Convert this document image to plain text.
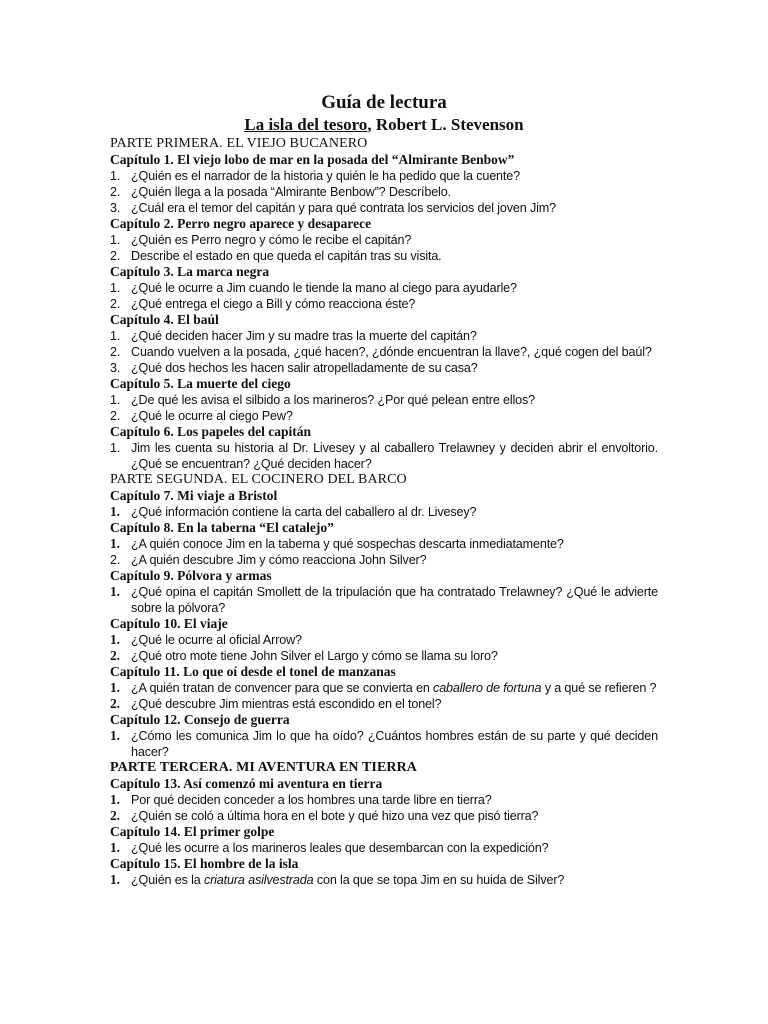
Guía de lectura
La isla del tesoro, Robert L. Stevenson
PARTE PRIMERA. EL VIEJO BUCANERO
Capítulo 1. El viejo lobo de mar en la posada del “Almirante Benbow”
1. ¿Quién es el narrador de la historia y quién le ha pedido que la cuente?
2. ¿Quién llega a la posada “Almirante Benbow”? Descríbelo.
3. ¿Cuál era el temor del capitán y para qué contrata los servicios del joven Jim?
Capítulo 2. Perro negro aparece y desaparece
1. ¿Quién es Perro negro y cómo le recibe el capitán?
2. Describe el estado en que queda el capitán tras su visita.
Capítulo 3. La marca negra
1. ¿Qué le ocurre a Jim cuando le tiende la mano al ciego para ayudarle?
2. ¿Qué entrega el ciego a Bill y cómo reacciona éste?
Capítulo 4. El baúl
1. ¿Qué deciden hacer Jim y su madre tras la muerte del capitán?
2. Cuando vuelven a la posada, ¿qué hacen?, ¿dónde encuentran la llave?, ¿qué cogen del baúl?
3. ¿Qué dos hechos les hacen salir atropelladamente de su casa?
Capítulo 5. La muerte del ciego
1. ¿De qué les avisa el silbido a los marineros? ¿Por qué pelean entre ellos?
2. ¿Qué le ocurre al ciego Pew?
Capítulo 6. Los papeles del capitán
1. Jim les cuenta su historia al Dr. Livesey y al caballero Trelawney y deciden abrir el envoltorio. ¿Qué se encuentran? ¿Qué deciden hacer?
PARTE SEGUNDA. EL COCINERO DEL BARCO
Capítulo 7. Mi viaje a Bristol
1. ¿Qué información contiene la carta del caballero al dr. Livesey?
Capítulo 8. En la taberna “El catalejo”
1. ¿A quién conoce Jim en la taberna y qué sospechas descarta inmediatamente?
2. ¿A quién descubre Jim y cómo reacciona John Silver?
Capítulo 9. Pólvora y armas
1. ¿Qué opina el capitán Smollett de la tripulación que ha contratado Trelawney? ¿Qué le advierte sobre la pólvora?
Capítulo 10. El viaje
1. ¿Qué le ocurre al oficial Arrow?
2. ¿Qué otro mote tiene John Silver el Largo y cómo se llama su loro?
Capítulo 11. Lo que oí desde el tonel de manzanas
1. ¿A quién tratan de convencer para que se convierta en caballero de fortuna y a qué se refieren ?
2. ¿Qué descubre Jim mientras está escondido en el tonel?
Capítulo 12. Consejo de guerra
1. ¿Cómo les comunica Jim lo que ha oído? ¿Cuántos hombres están de su parte y qué deciden hacer?
PARTE TERCERA. MI AVENTURA EN TIERRA
Capítulo 13. Así comenzó mi aventura en tierra
1. Por qué deciden conceder a los hombres una tarde libre en tierra?
2. ¿Quién se coló a última hora en el bote y qué hizo una vez que pisó tierra?
Capítulo 14. El primer golpe
1. ¿Qué les ocurre a los marineros leales que desembarcan con la expedición?
Capítulo 15. El hombre de la isla
1. ¿Quién es la criatura asilvestrada con la que se topa Jim en su huida de Silver?
